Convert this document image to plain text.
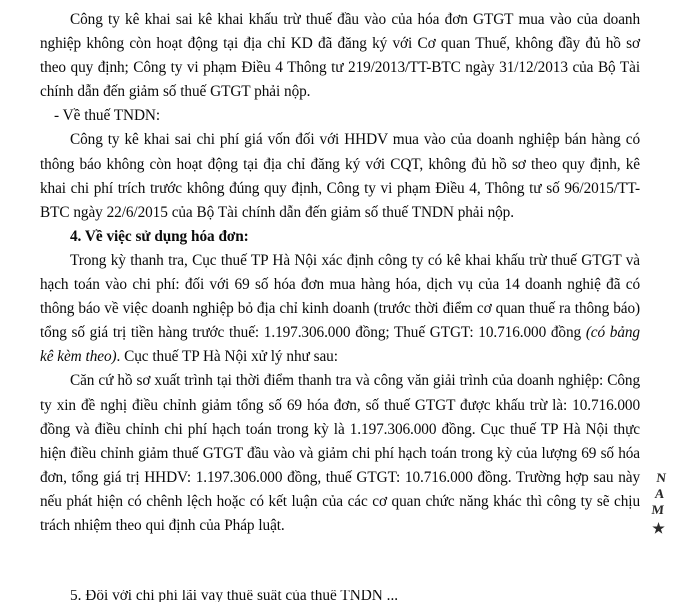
Công ty kê khai sai kê khai khấu trừ thuế đầu vào của hóa đơn GTGT mua vào của doanh nghiệp không còn hoạt động tại địa chỉ KD đã đăng ký với Cơ quan Thuế, không đầy đủ hồ sơ theo quy định; Công ty vi phạm Điều 4 Thông tư 219/2013/TT-BTC ngày 31/12/2013 của Bộ Tài chính dẫn đến giảm số thuế GTGT phải nộp.

- Về thuế TNDN:

Công ty kê khai sai chi phí giá vốn đối với HHDV mua vào của doanh nghiệp bán hàng có thông báo không còn hoạt động tại địa chỉ đăng ký với CQT, không đủ hồ sơ theo quy định, kê khai chi phí trích trước không đúng quy định, Công ty vi phạm Điều 4, Thông tư số 96/2015/TT-BTC ngày 22/6/2015 của Bộ Tài chính dẫn đến giảm số thuế TNDN phải nộp.

4. Về việc sử dụng hóa đơn:

Trong kỳ thanh tra, Cục thuế TP Hà Nội xác định công ty có kê khai khấu trừ thuế GTGT và hạch toán vào chi phí: đối với 69 số hóa đơn mua hàng hóa, dịch vụ của 14 doanh nghiệ đã có thông báo về việc doanh nghiệp bỏ địa chỉ kinh doanh (trước thời điểm cơ quan thuế ra thông báo) tổng số giá trị tiền hàng trước thuế: 1.197.306.000 đồng; Thuế GTGT: 10.716.000 đồng (có bảng kê kèm theo). Cục thuế TP Hà Nội xử lý như sau:

Căn cứ hồ sơ xuất trình tại thời điểm thanh tra và công văn giải trình của doanh nghiệp: Công ty xin đề nghị điều chỉnh giảm tổng số 69 hóa đơn, số thuế GTGT được khấu trừ là: 10.716.000 đồng và điều chỉnh chi phí hạch toán trong kỳ là 1.197.306.000 đồng. Cục thuế TP Hà Nội thực hiện điều chỉnh giảm thuế GTGT đầu vào và giảm chi phí hạch toán trong kỳ của lượng 69 số hóa đơn, tổng giá trị HHDV: 1.197.306.000 đồng, thuế GTGT: 10.716.000 đồng. Trường hợp sau này nếu phát hiện có chênh lệch hoặc có kết luận của các cơ quan chức năng khác thì công ty sẽ chịu trách nhiệm theo qui định của Pháp luật.

5. Đối với chi phí lãi vay thuế suất của thuế TNDN ...
NAM
★
